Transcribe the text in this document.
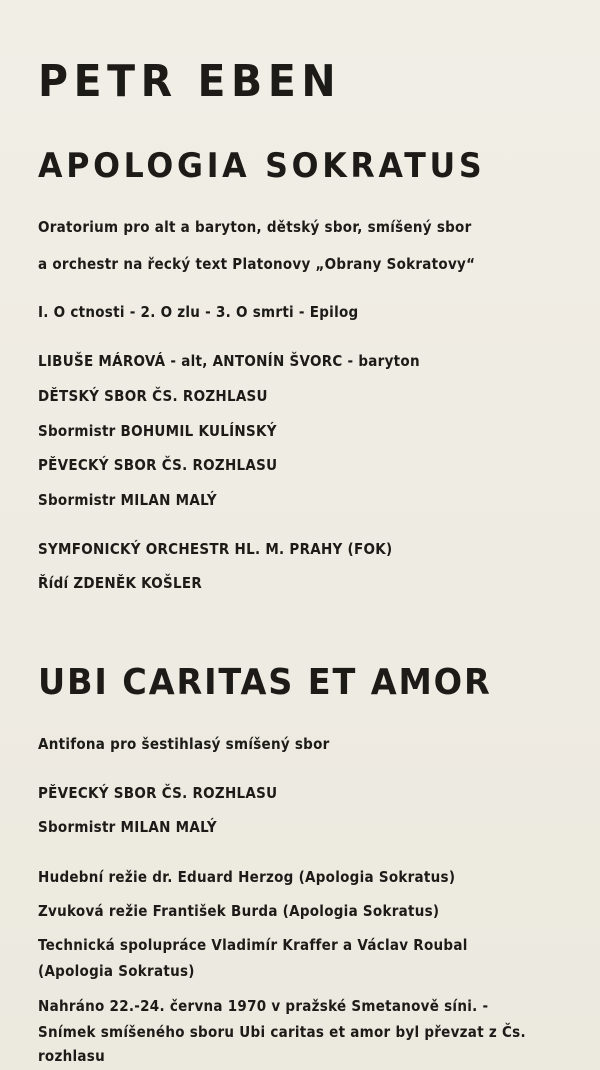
PETR EBEN
APOLOGIA SOKRATUS
Oratorium pro alt a baryton, dětský sbor, smíšený sbor
a orchestr na řecký text Platonovy „Obrany Sokratovy“
I. O ctnosti - 2. O zlu - 3. O smrti - Epilog
LIBUŠE MÁROVÁ - alt, ANTONÍN ŠVORC - baryton
DĚTSKÝ SBOR ČS. ROZHLASU
Sbormistr BOHUMIL KULÍNSKÝ
PĚVECKÝ SBOR ČS. ROZHLASU
Sbormistr MILAN MALÝ
SYMFONICKÝ ORCHESTR HL. M. PRAHY (FOK)
Řídí ZDENĚK KOŠLER
UBI CARITAS ET AMOR
Antifona pro šestihlasý smíšený sbor
PĚVECKÝ SBOR ČS. ROZHLASU
Sbormistr MILAN MALÝ
Hudební režie dr. Eduard Herzog (Apologia Sokratus)
Zvuková režie František Burda (Apologia Sokratus)
Technická spolupráce Vladimír Kraffer a Václav Roubal
(Apologia Sokratus)
Nahráno 22.-24. června 1970 v pražské Smetanově síni. -
Snímek smíšeného sboru Ubi caritas et amor byl převzat z Čs.
rozhlasu
